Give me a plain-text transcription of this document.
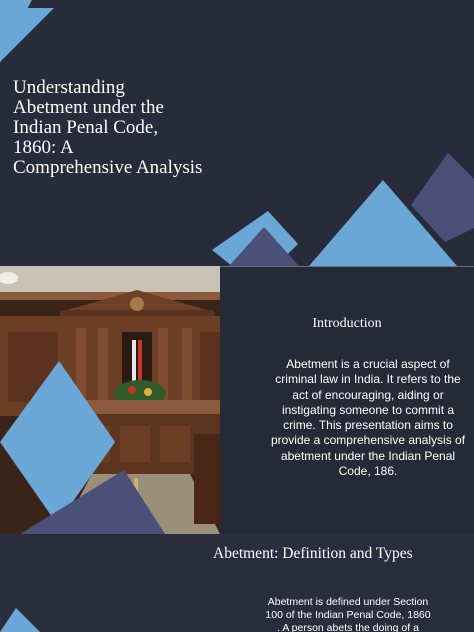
Understanding
Abetment under the
Indian Penal Code,
1860: A
Comprehensive Analysis
Introduction

Abetment is a crucial aspect of criminal law in India. It refers to the act of encouraging, aiding or instigating someone to commit a crime. This presentation aims to provide a comprehensive analysis of abetment under the Indian Penal Code, 186.

Abetment: Definition and Types

Abetment is defined under Section
100 of the Indian Penal Code, 1860
. A person abets the doing of a
